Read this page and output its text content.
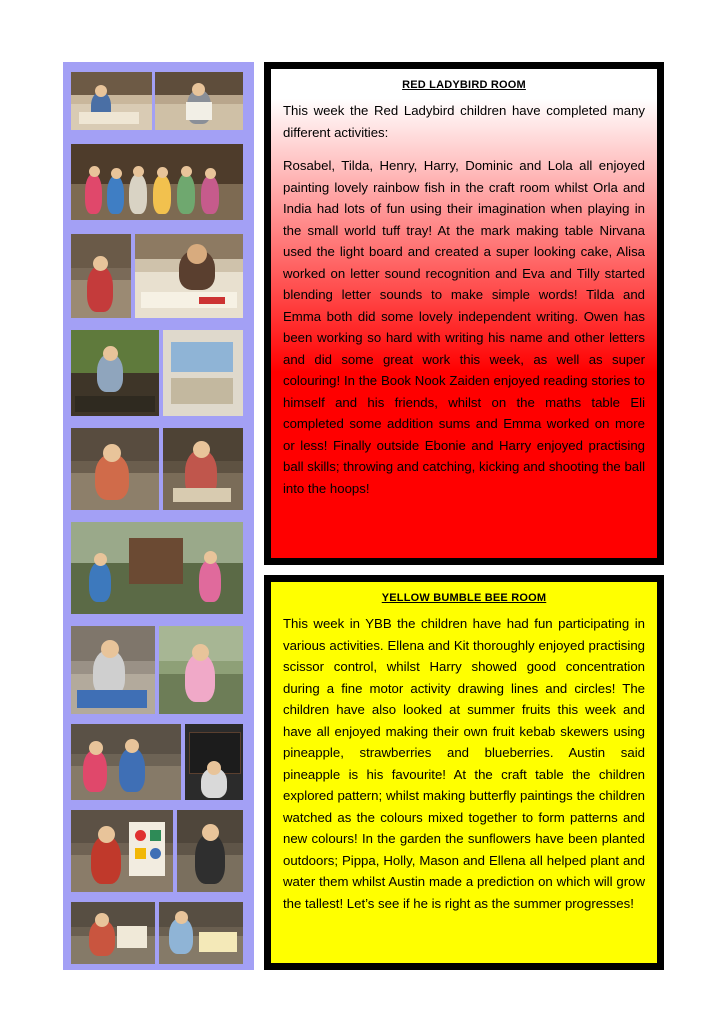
RED LADYBIRD ROOM

This week the Red Ladybird children have completed many different activities:

Rosabel, Tilda, Henry, Harry, Dominic and Lola all enjoyed painting lovely rainbow fish in the craft room whilst Orla and India had lots of fun using their imagination when playing in the small world tuff tray! At the mark making table Nirvana used the light board and created a super looking cake, Alisa worked on letter sound recognition and Eva and Tilly started blending letter sounds to make simple words! Tilda and Emma both did some lovely independent writing. Owen has been working so hard with writing his name and other letters and did some great work this week, as well as super colouring! In the Book Nook Zaiden enjoyed reading stories to himself and his friends, whilst on the maths table Eli completed some addition sums and Emma worked on more or less! Finally outside Ebonie and Harry enjoyed practising ball skills; throwing and catching, kicking and shooting the ball into the hoops!

YELLOW BUMBLE BEE ROOM

This week in YBB the children have had fun participating in various activities. Ellena and Kit thoroughly enjoyed practising scissor control, whilst Harry showed good concentration during a fine motor activity drawing lines and circles! The children have also looked at summer fruits this week and have all enjoyed making their own fruit kebab skewers using pineapple, strawberries and blueberries. Austin said pineapple is his favourite! At the craft table the children explored pattern; whilst making butterfly paintings the children watched as the colours mixed together to form patterns and new colours! In the garden the sunflowers have been planted outdoors; Pippa, Holly, Mason and Ellena all helped plant and water them whilst Austin made a prediction on which will grow the tallest! Let’s see if he is right as the summer progresses!
